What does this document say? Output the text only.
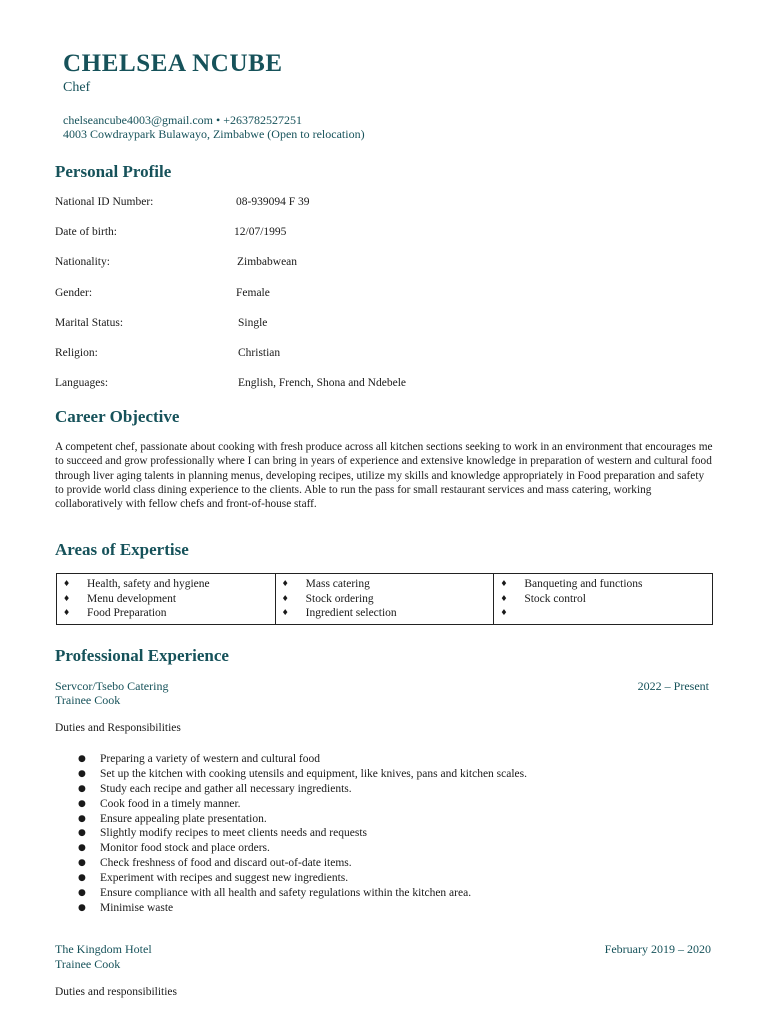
CHELSEA NCUBE
Chef
chelseancube4003@gmail.com • +263782527251
4003 Cowdraypark Bulawayo, Zimbabwe (Open to relocation)
Personal Profile
National ID Number:	08-939094 F 39
Date of birth:	12/07/1995
Nationality:	Zimbabwean
Gender:	Female
Marital Status:	Single
Religion:	Christian
Languages:	English, French, Shona and Ndebele
Career Objective
A competent chef, passionate about cooking with fresh produce across all kitchen sections seeking to work in an environment that encourages me to succeed and grow professionally where I can bring in years of experience and extensive knowledge in preparation of western and cultural food through liver aging talents in planning menus, developing recipes, utilize my skills and knowledge appropriately in Food preparation and safety to provide world class dining experience to the clients. Able to run the pass for small restaurant services and mass catering, working collaboratively with fellow chefs and front-of-house staff.
Areas of Expertise
♦ Health, safety and hygiene
♦ Menu development
♦ Food Preparation

♦ Mass catering
♦ Stock ordering
♦ Ingredient selection

♦ Banqueting and functions
♦ Stock control
♦
Professional Experience
Servcor/Tsebo Catering	2022 – Present
Trainee Cook
Duties and Responsibilities
● Preparing a variety of western and cultural food
● Set up the kitchen with cooking utensils and equipment, like knives, pans and kitchen scales.
● Study each recipe and gather all necessary ingredients.
● Cook food in a timely manner.
● Ensure appealing plate presentation.
● Slightly modify recipes to meet clients needs and requests
● Monitor food stock and place orders.
● Check freshness of food and discard out-of-date items.
● Experiment with recipes and suggest new ingredients.
● Ensure compliance with all health and safety regulations within the kitchen area.
● Minimise waste
The Kingdom Hotel	February 2019 – 2020
Trainee Cook
Duties and responsibilities
